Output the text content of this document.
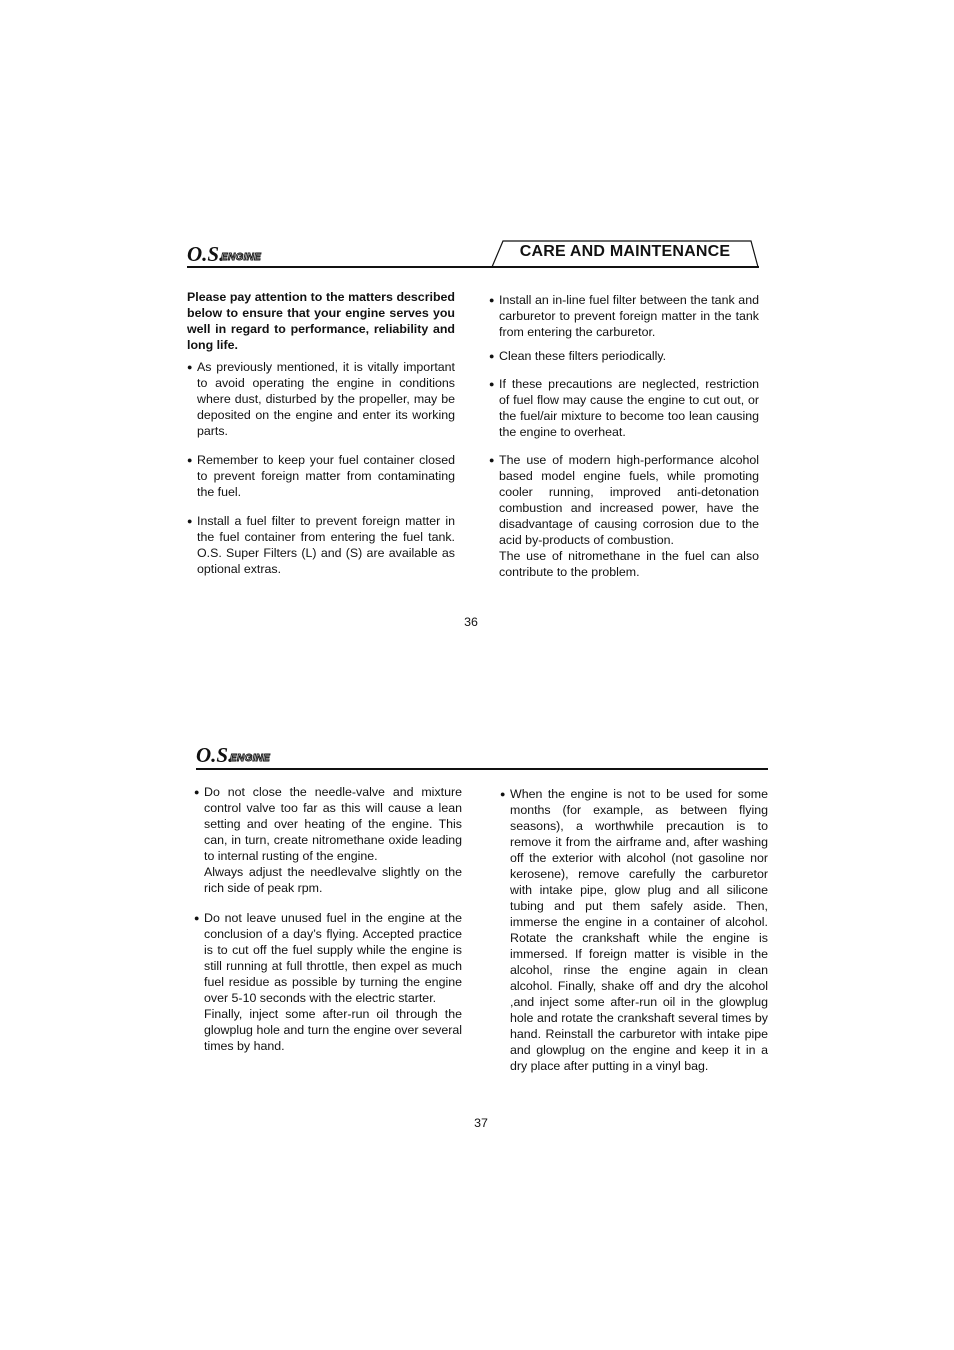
O.S.
ENGINE	CARE AND MAINTENANCE

Please pay attention to the matters described below to ensure that your engine serves you well in regard to performance, reliability and long life.

● As previously mentioned, it is vitally important to avoid operating the engine in conditions where dust, disturbed by the propeller, may be deposited on the engine and enter its working parts.

● Remember to keep your fuel container closed to prevent foreign matter from contaminating the fuel.

● Install a fuel filter to prevent foreign matter in the fuel container from entering the fuel tank. O.S. Super Filters (L) and (S) are available as optional extras.

● Install an in-line fuel filter between the tank and carburetor to prevent foreign matter in the tank from entering the carburetor.

● Clean these filters periodically.

● If these precautions are neglected, restriction of fuel flow may cause the engine to cut out, or the fuel/air mixture to become too lean causing the engine to overheat.

● The use of modern high-performance alcohol based model engine fuels, while promoting cooler running, improved anti-detonation combustion and increased power, have the disadvantage of causing corrosion due to the acid by-products of combustion.

The use of nitromethane in the fuel can also contribute to the problem.

36
O.S.
ENGINE
● Do not close the needle-valve and mixture control valve too far as this will cause a lean setting and over heating of the engine. This can, in turn, create nitromethane oxide leading to internal rusting of the engine.

Always adjust the needlevalve slightly on the rich side of peak rpm.

● Do not leave unused fuel in the engine at the conclusion of a day’s flying. Accepted practice is to cut off the fuel supply while the engine is still running at full throttle, then expel as much fuel residue as possible by turning the engine over 5-10 seconds with the electric starter.

Finally, inject some after-run oil through the glowplug hole and turn the engine over several times by hand.

● When the engine is not to be used for some months (for example, as between flying seasons), a worthwhile precaution is to remove it from the airframe and, after washing off the exterior with alcohol (not gasoline nor kerosene), remove carefully the carburetor with intake pipe, glow plug and all silicone tubing and put them safely aside. Then, immerse the engine in a container of alcohol. Rotate the crankshaft while the engine is immersed. If foreign matter is visible in the alcohol, rinse the engine again in clean alcohol. Finally, shake off and dry the alcohol ,and inject some after-run oil in the glowplug hole and rotate the crankshaft several times by hand. Reinstall the carburetor with intake pipe and glowplug on the engine and keep it in a dry place after putting in a vinyl bag.

37
